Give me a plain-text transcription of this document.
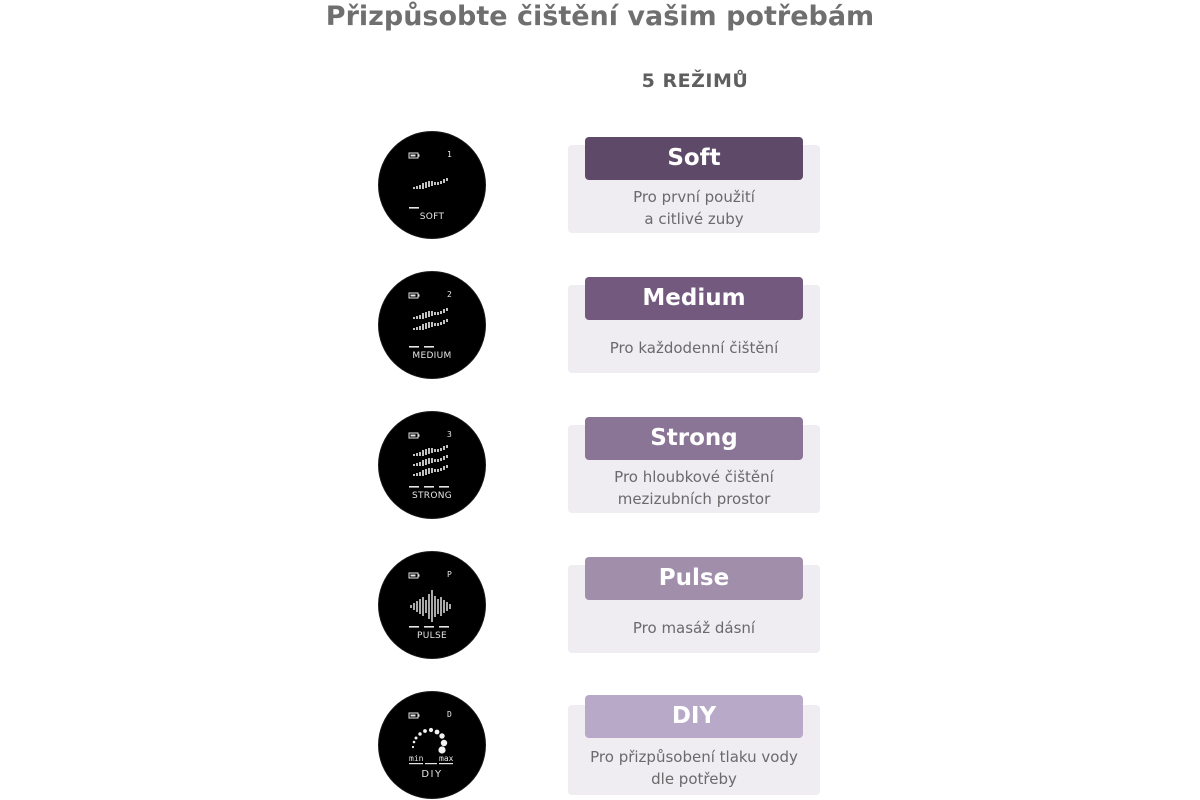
Přizpůsobte čištění vašim potřebám
5 REŽIMŮ
1
SOFT
Soft
Pro první použití
a citlivé zuby
2
MEDIUM
Medium
Pro každodenní čištění
3
STRONG
Strong
Pro hloubkové čištění
mezizubních prostor
P
PULSE
Pulse
Pro masáž dásní
D
min max
DIY
DIY
Pro přizpůsobení tlaku vody
dle potřeby
